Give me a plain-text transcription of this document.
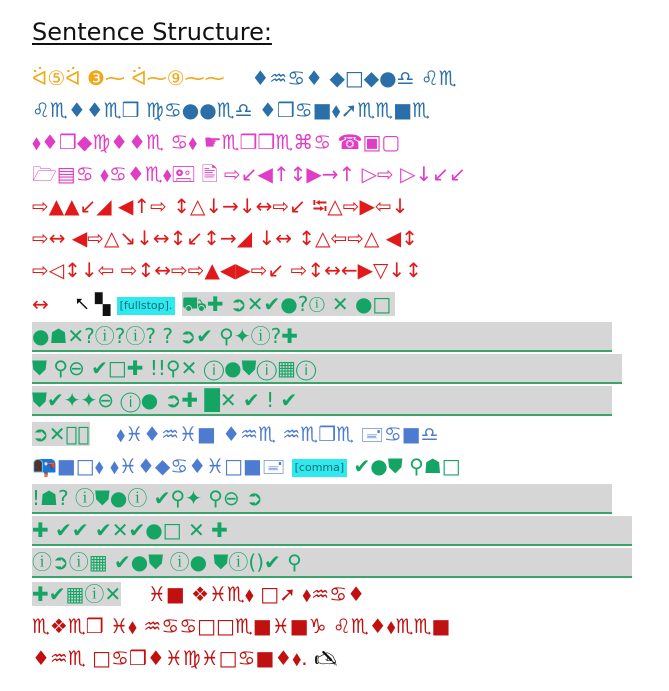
Sentence Structure:
ᐛ⑤ᐛ ❸⁓ ᐛ⁓⑨⁓⁓ ♦♒♋♦ ◆□◆●♎ ♌♏
♌♏♦♦♏❒ ♍♋●●♏♎ ♦❒♋■⬧➚♏♏■♏
⬧♦❒◆♍♦♦♏ ♋⬧ ☛♏❒❒♏⌘♋ ☎▣▢
🗁▤♋ ⬧♋♦♏⬧🖭 🖹 ⇨↙◀↑↕▶→↑ ▷⇨ ▷↓↙↙
⇨▲▲↙◢ ◀↑⇨ ↕△↓→↓↔⇨↙ ⭾△⇨▶⇦↓
⇨↔ ◀⇨△↘↓↔↕↙↕→◢ ↓↔ ↕△⇦⇨△ ◀↕
⇨◁↕↓⇦ ⇨↕↔⇨⇨▲◀▶⇨↙ ⇨↕↔←▶▽↓↕
↔ ⭦ ▚ [fullstop]. ⛟✚ ➲✕✔●?ⓘ ✕ ●□
●☗✕?ⓘ?ⓘ? ? ➲✔ ⚲✦ⓘ?✚
⛊ ⚲⊖ ✔□✚ !!⚲✕ ⓘ●⛊ⓘ▦ⓘ
⛊✔✦✦⊖ ⓘ● ➲✚ █✕ ✔ ! ✔
➲✕ⓘ⃠ ⬧♓♦♒♓■ ♦♒♏ ♒♏❒♏ 🖃♋■♎
📭■□⬧ ⬧♓♦◆♋♦♓□■🖃 [comma] ✔●⛊ ⚲☗□
!☗? ⓘ⛊●ⓘ ✔⚲✦ ⚲⊖ ➲
✚ ✔✔ ✔✕✔●□ ✕ ✚
ⓘ➲ⓘ▦ ✔●⛊ ⓘ● ⛊ⓘ()✔ ⚲
✚✔▦ⓘ✕ ♓■ ❖♓♏⬧ □➚ ⬧♒♋♦
♏❖♏❒ ♓⬧ ♒♋♋□□♏■♓■♑ ♌♏♦⬧♏♏■
♦♒♏ □♋❒♦♓♍♓□♋■♦⬧. 🖎
